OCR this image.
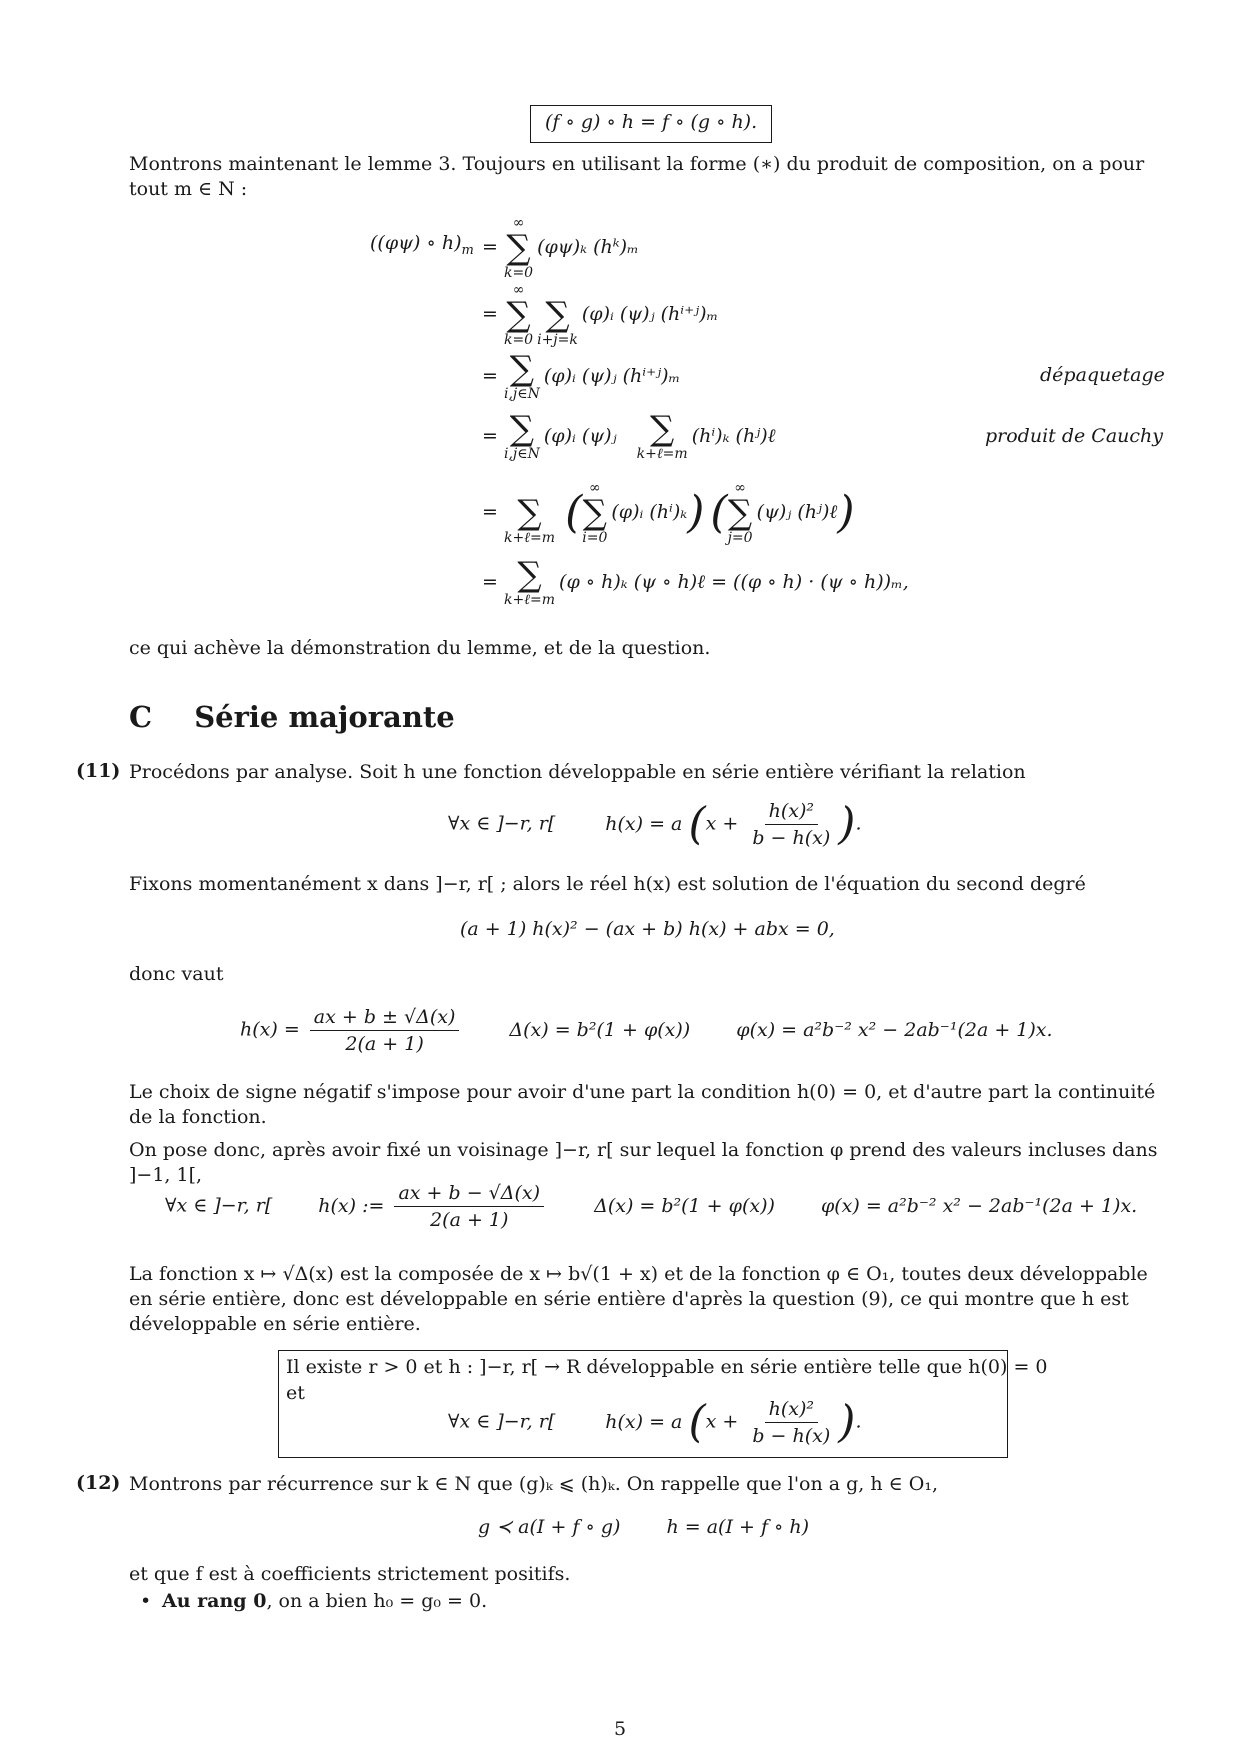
(f ∘ g) ∘ h = f ∘ (g ∘ h).
Montrons maintenant le lemme 3. Toujours en utilisant la forme (∗) du produit de composition, on a pour tout m ∈ N :
((φψ) ∘ $h)_m$ =
∞
∑
k=0
(φψ)ₖ (hᵏ)ₘ
=
∞
∑
k=0

∑
i+j=k
(φ)ᵢ (ψ)ⱼ (hⁱ⁺ʲ)ₘ
= ∑
i,j∈N
(φ)ᵢ (ψ)ⱼ (hⁱ⁺ʲ)ₘ	dépaquetage
= ∑
i,j∈N
(φ)ᵢ (ψ)ⱼ ∑
k+ℓ=m
(hⁱ)ₖ (hʲ)ℓ	produit de Cauchy
=
∑
k+ℓ=m ( ∞
∑
i=0
(φ)ᵢ (hⁱ)ₖ) ( ∞
∑
j=0
(ψ)ⱼ (hʲ)ℓ)
= ∑
k+ℓ=m
(φ ∘ h)ₖ (ψ ∘ h)ℓ = ((φ ∘ h) · (ψ ∘ h))ₘ,
ce qui achève la démonstration du lemme, et de la question.
C Série majorante
(11) Procédons par analyse. Soit h une fonction développable en série entière vérifiant la relation
∀x ∈ ]−r, r[	h(x) = a ($x + \frac{\text{h(x)²}}{b - h(x)}$ ).
Fixons momentanément x dans ]−r, r[ ; alors le réel h(x) est solution de l'équation du second degré
(a + 1) h(x)² − (ax + b) h(x) + abx = 0,
donc vaut
$h(x) = \frac{ax + b \pm √\Delta(x)}{2(a + 1)}$	Δ(x) = b²(1 + φ(x)) φ(x) = a²b⁻² x² − 2ab⁻¹(2a + 1)x.
Le choix de signe négatif s'impose pour avoir d'une part la condition h(0) = 0, et d'autre part la continuité de la fonction.
On pose donc, après avoir fixé un voisinage ]−r, r[ sur lequel la fonction φ prend des valeurs incluses dans ]−1, 1[,
∀x ∈ ]−r, r[ h(x) := $\frac{ax + b - √\Delta(x)}{2(a + 1)}$	Δ(x) = b²(1 + φ(x)) φ(x) = a²b⁻² x² − 2ab⁻¹(2a + 1)x.
La fonction x ↦ √Δ(x) est la composée de x ↦ b√(1 + x) et de la fonction φ ∈ O₁, toutes deux développable en série entière, donc est développable en série entière d'après la question (9), ce qui montre que h est développable en série entière.
Il existe r > 0 et h : ]−r, r[ → R développable en série entière telle que h(0) = 0
et
∀x ∈ ]−r, r[	h(x) = a ($x + \frac{\text{h(x)²}}{b - h(x)}$ ).
(12) Montrons par récurrence sur k ∈ N que (g)ₖ ⩽ (h)ₖ. On rappelle que l'on a g, h ∈ O₁,
g ≺ a(I + f ∘ g) h = a(I + f ∘ h)
et que f est à coefficients strictement positifs.
• Au rang 0, on a bien h₀ = g₀ = 0.
5
